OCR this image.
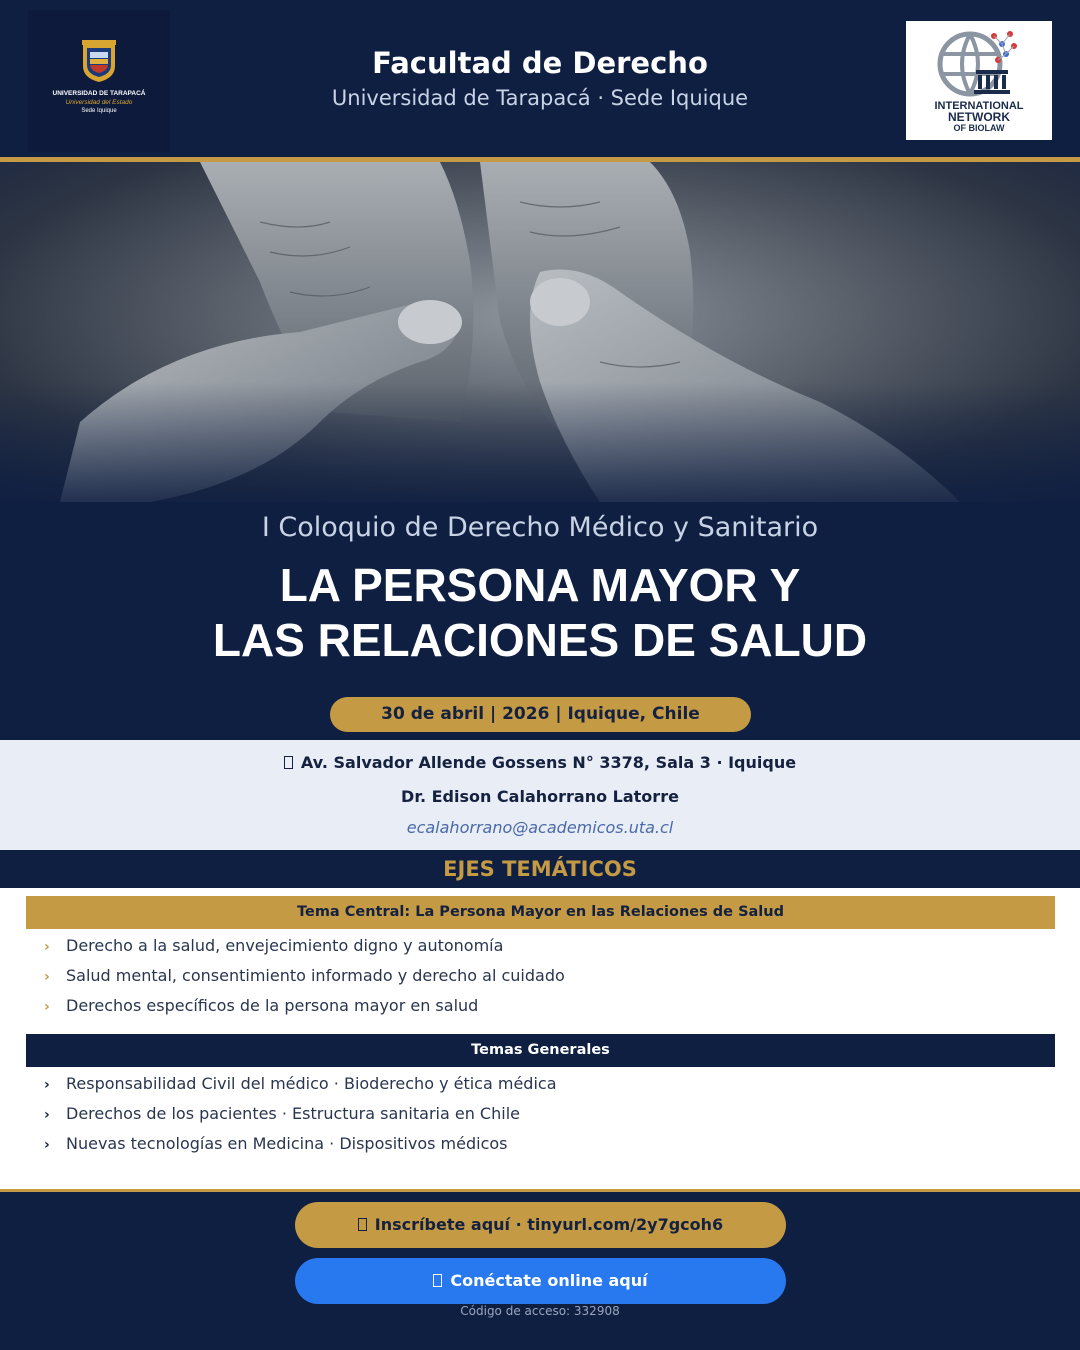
UNIVERSIDAD DE TARAPACÁ
Universidad del Estado
Sede Iquique
Facultad de Derecho
Universidad de Tarapacá · Sede Iquique	INTERNATIONAL
NETWORK
OF BIOLAW
I Coloquio de Derecho Médico y Sanitario
LA PERSONA MAYOR Y
LAS RELACIONES DE SALUD
30 de abril | 2026 | Iquique, Chile
Av. Salvador Allende Gossens N° 3378, Sala 3 · Iquique
Dr. Edison Calahorrano Latorre
ecalahorrano@academicos.uta.cl
EJES TEMÁTICOS
Tema Central: La Persona Mayor en las Relaciones de Salud
› Derecho a la salud, envejecimiento digno y autonomía
› Salud mental, consentimiento informado y derecho al cuidado
› Derechos específicos de la persona mayor en salud
Temas Generales
› Responsabilidad Civil del médico · Bioderecho y ética médica
› Derechos de los pacientes · Estructura sanitaria en Chile
› Nuevas tecnologías en Medicina · Dispositivos médicos
Inscríbete aquí · tinyurl.com/2y7gcoh6
Conéctate online aquí
Código de acceso: 332908
